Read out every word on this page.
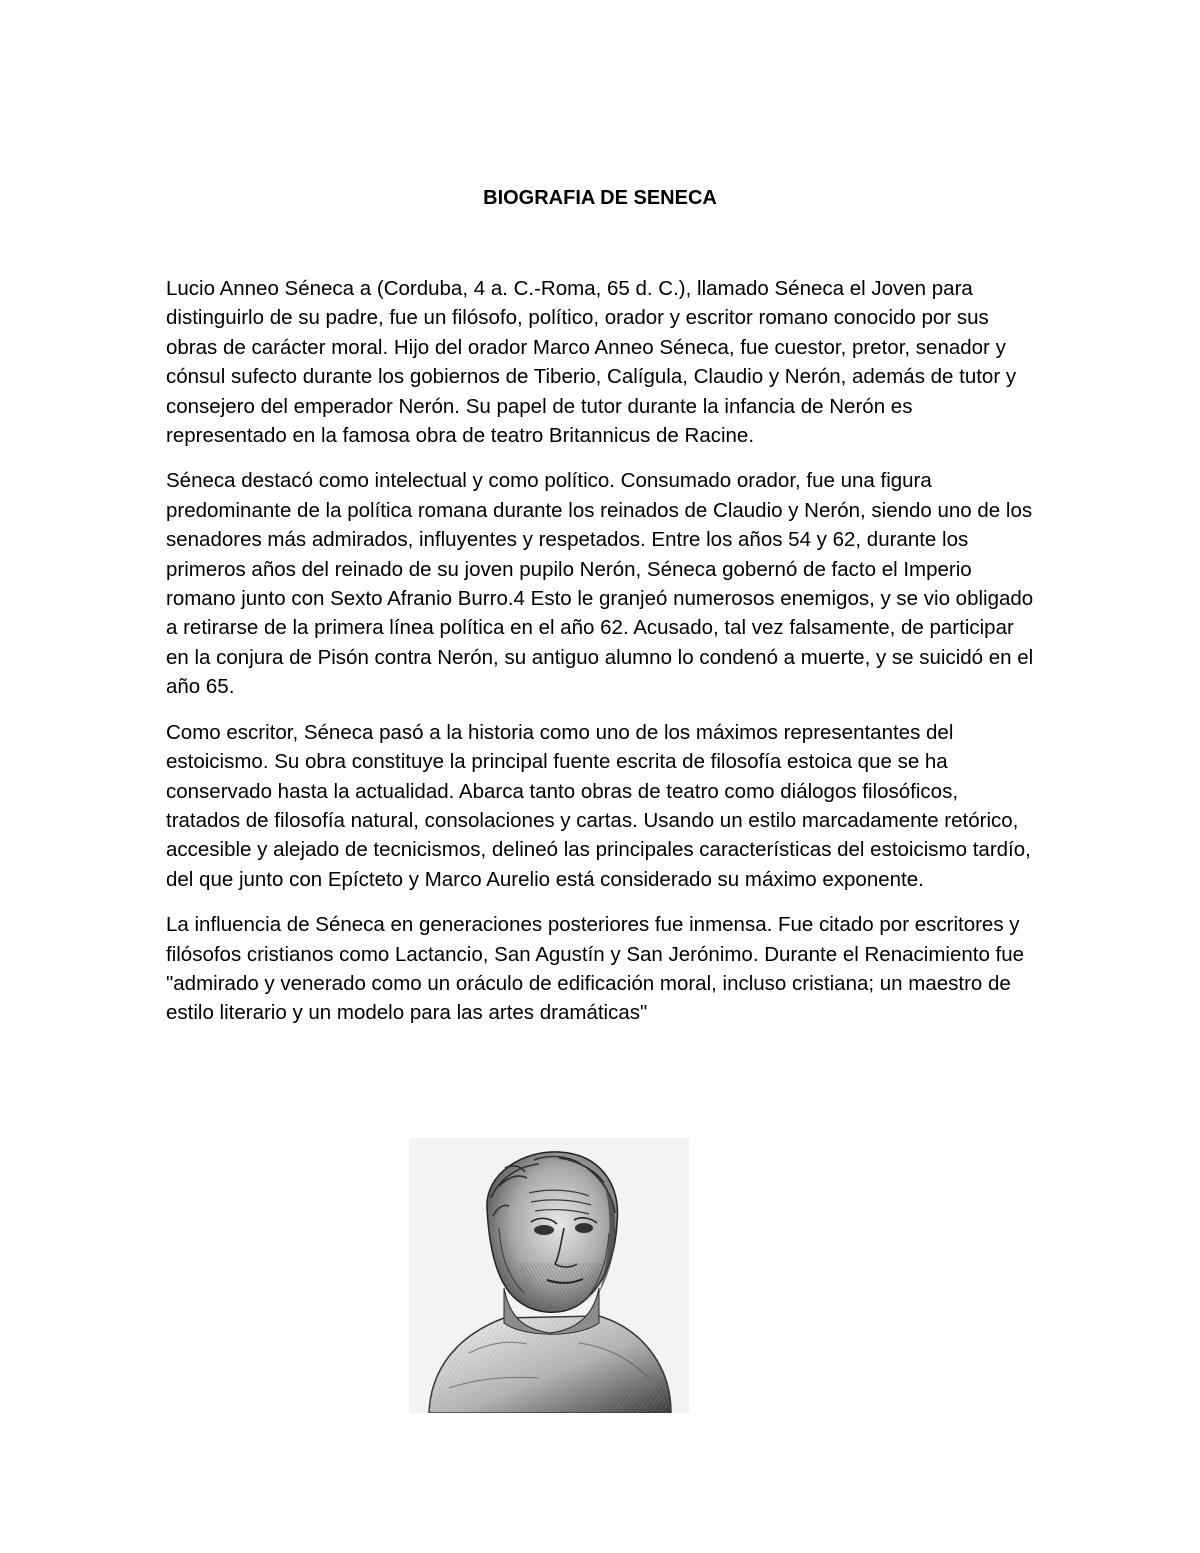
BIOGRAFIA DE SENECA

Lucio Anneo Séneca a (Corduba, 4 a. C.-Roma, 65 d. C.), llamado Séneca el Joven para distinguirlo de su padre, fue un filósofo, político, orador y escritor romano conocido por sus obras de carácter moral. Hijo del orador Marco Anneo Séneca, fue cuestor, pretor, senador y cónsul sufecto durante los gobiernos de Tiberio, Calígula, Claudio y Nerón, además de tutor y consejero del emperador Nerón. Su papel de tutor durante la infancia de Nerón es representado en la famosa obra de teatro Britannicus de Racine.

Séneca destacó como intelectual y como político. Consumado orador, fue una figura predominante de la política romana durante los reinados de Claudio y Nerón, siendo uno de los senadores más admirados, influyentes y respetados. Entre los años 54 y 62, durante los primeros años del reinado de su joven pupilo Nerón, Séneca gobernó de facto el Imperio romano junto con Sexto Afranio Burro.4 Esto le granjeó numerosos enemigos, y se vio obligado a retirarse de la primera línea política en el año 62. Acusado, tal vez falsamente, de participar en la conjura de Pisón contra Nerón, su antiguo alumno lo condenó a muerte, y se suicidó en el año 65.

Como escritor, Séneca pasó a la historia como uno de los máximos representantes del estoicismo. Su obra constituye la principal fuente escrita de filosofía estoica que se ha conservado hasta la actualidad. Abarca tanto obras de teatro como diálogos filosóficos, tratados de filosofía natural, consolaciones y cartas. Usando un estilo marcadamente retórico, accesible y alejado de tecnicismos, delineó las principales características del estoicismo tardío, del que junto con Epícteto y Marco Aurelio está considerado su máximo exponente.

La influencia de Séneca en generaciones posteriores fue inmensa. Fue citado por escritores y filósofos cristianos como Lactancio, San Agustín y San Jerónimo. Durante el Renacimiento fue "admirado y venerado como un oráculo de edificación moral, incluso cristiana; un maestro de estilo literario y un modelo para las artes dramáticas"
